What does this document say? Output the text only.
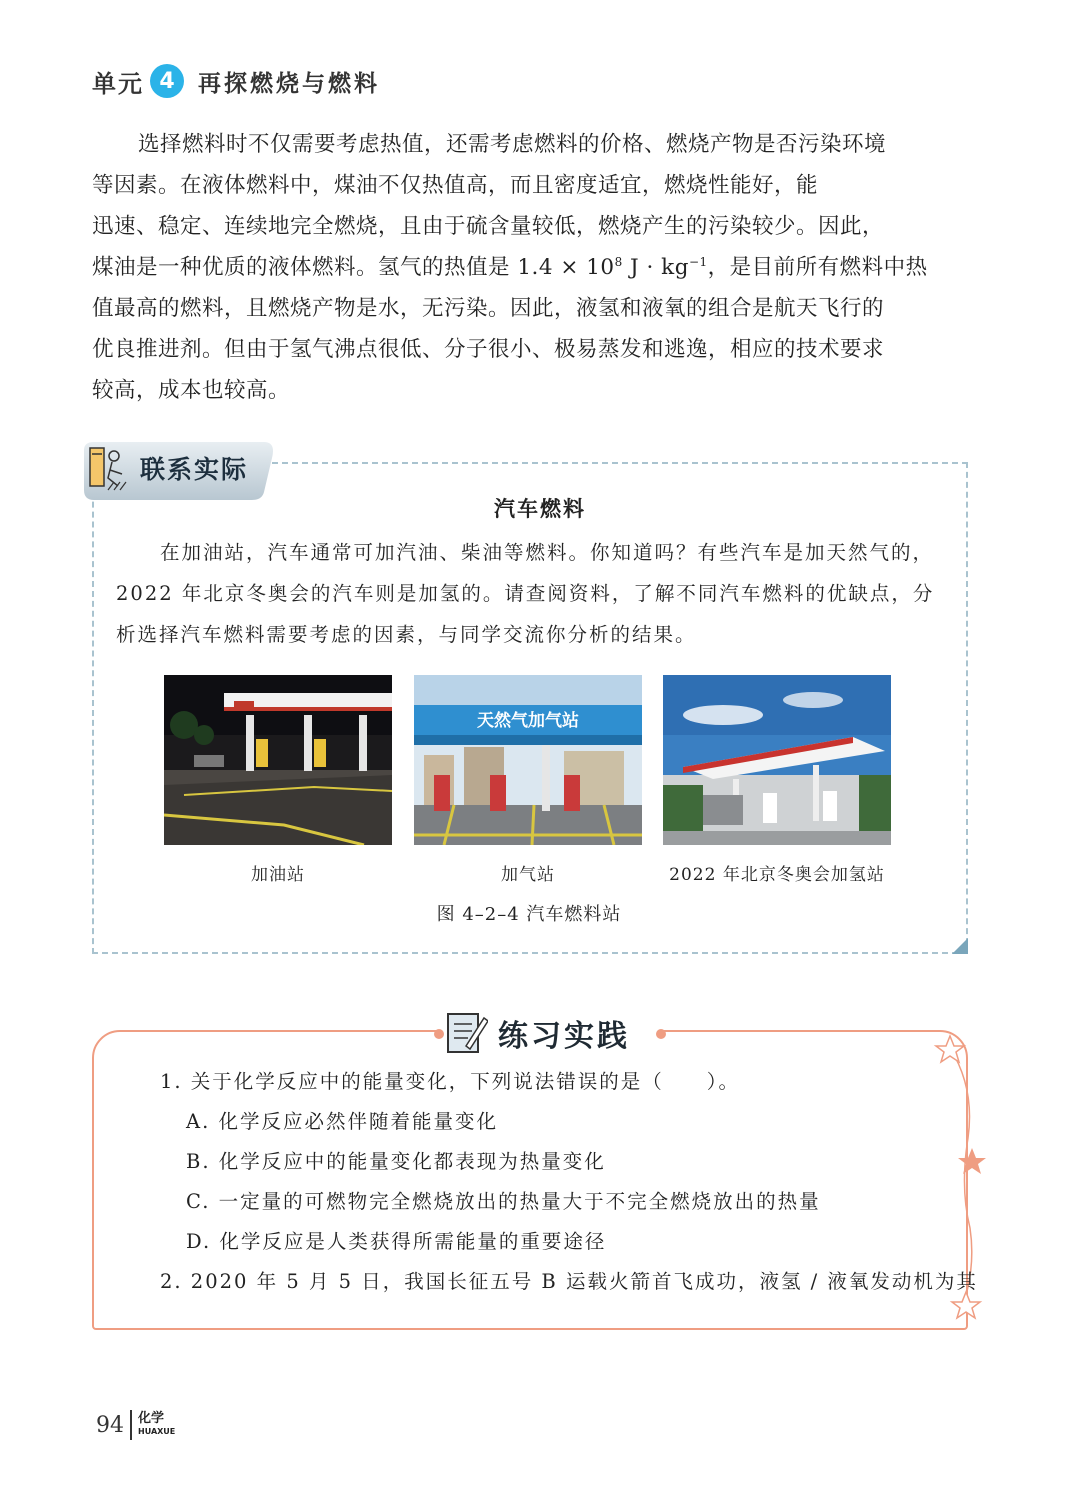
单元 4	再探燃烧与燃料

选择燃料时不仅需要考虑热值，还需考虑燃料的价格、燃烧产物是否污染环境

等因素。在液体燃料中，煤油不仅热值高，而且密度适宜，燃烧性能好，能

迅速、稳定、连续地完全燃烧，且由于硫含量较低，燃烧产生的污染较少。因此，

煤油是一种优质的液体燃料。氢气的热值是 $1.4 \times 10^8$ $J \cdot kg^{-1}$，是目前所有燃料中热

值最高的燃料，且燃烧产物是水，无污染。因此，液氢和液氧的组合是航天飞行的

优良推进剂。但由于氢气沸点很低、分子很小、极易蒸发和逃逸，相应的技术要求

较高，成本也较高。

联系实际
汽车燃料

在加油站，汽车通常可加汽油、柴油等燃料。你知道吗？有些汽车是加天然气的，

2022 年北京冬奥会的汽车则是加氢的。请查阅资料，了解不同汽车燃料的优缺点，分

析选择汽车燃料需要考虑的因素，与同学交流你分析的结果。

加油站
天然气加气站
加气站	2022 年北京冬奥会加氢站
图 4–2–4 汽车燃料站
练习实践
1. 关于化学反应中的能量变化，下列说法错误的是（　　）。
A. 化学反应必然伴随着能量变化
B. 化学反应中的能量变化都表现为热量变化
C. 一定量的可燃物完全燃烧放出的热量大于不完全燃烧放出的热量
D. 化学反应是人类获得所需能量的重要途径
2. 2020 年 5 月 5 日，我国长征五号 B 运载火箭首飞成功，液氢 / 液氧发动机为其
94 化学
HUAXUE
